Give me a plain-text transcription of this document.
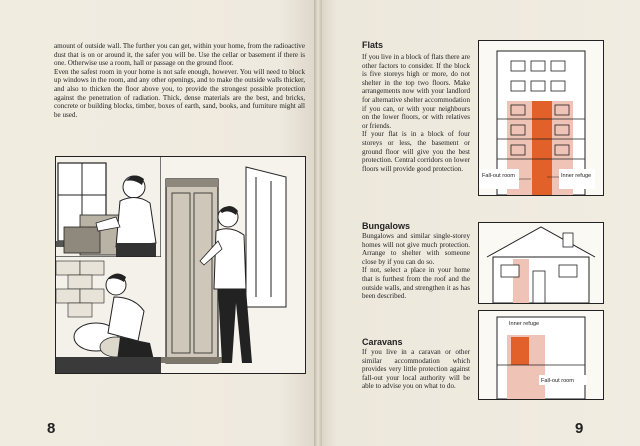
amount of outside wall. The further you can get, within your home, from the radioactive dust that is on or around it, the safer you will be. Use the cellar or basement if there is one. Otherwise use a room, hall or passage on the ground floor.

Even the safest room in your home is not safe enough, however. You will need to block up windows in the room, and any other openings, and to make the outside walls thicker, and also to thicken the floor above you, to provide the strongest possible protection against the penetration of radiation. Thick, dense materials are the best, and bricks, concrete or building blocks, timber, boxes of earth, sand, books, and furniture might all be used.

8
Flats

If you live in a block of flats there are other factors to consider. If the block is five storeys high or more, do not shelter in the top two floors. Make arrangements now with your landlord for alternative shelter accommodation if you can, or with your neighbours on the lower floors, or with relatives or friends.

If your flat is in a block of four storeys or less, the basement or ground floor will give you the best protection. Central corridors on lower floors will provide good protection.

Fall-out room	Inner refuge
Bungalows

Bungalows and similar single-storey homes will not give much protection. Arrange to shelter with someone close by if you can do so.

If not, select a place in your home that is furthest from the roof and the outside walls, and strengthen it as has been described.

Caravans

If you live in a caravan or other similar accommodation which provides very little protection against fall-out your local authority will be able to advise you on what to do.

Inner refuge
Fall-out room
9
